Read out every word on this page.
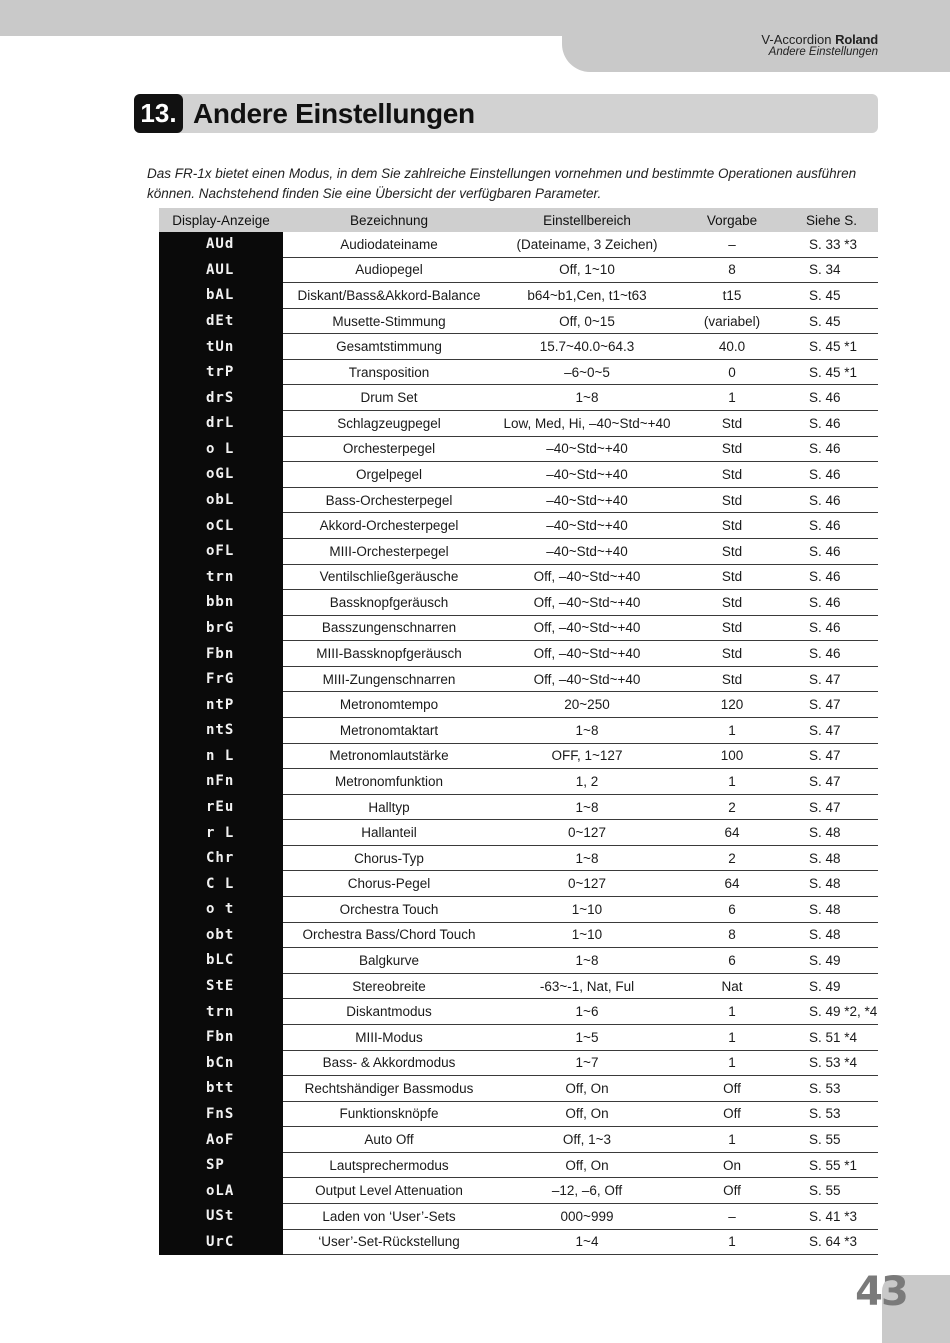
V-Accordion Roland
Andere Einstellungen
13. Andere Einstellungen
Das FR-1x bietet einen Modus, in dem Sie zahlreiche Einstellungen vornehmen und bestimmte Operationen ausführen können. Nachstehend finden Sie eine Übersicht der verfügbaren Parameter.
Display-Anzeige	Bezeichnung	Einstellbereich	Vorgabe	Siehe S.
AUd	Audiodateiname	(Dateiname, 3 Zeichen)	–	S. 33 *3
AUL	Audiopegel	Off, 1~10	8	S. 34
bAL	Diskant/Bass&Akkord-Balance	b64~b1,Cen, t1~t63	t15	S. 45
dEt	Musette-Stimmung	Off, 0~15	(variabel)	S. 45
tUn	Gesamtstimmung	15.7~40.0~64.3	40.0	S. 45 *1
trP	Transposition	–6~0~5	0	S. 45 *1
drS	Drum Set	1~8	1	S. 46
drL	Schlagzeugpegel	Low, Med, Hi, –40~Std~+40	Std	S. 46
o L	Orchesterpegel	–40~Std~+40	Std	S. 46
oGL	Orgelpegel	–40~Std~+40	Std	S. 46
obL	Bass-Orchesterpegel	–40~Std~+40	Std	S. 46
oCL	Akkord-Orchesterpegel	–40~Std~+40	Std	S. 46
oFL	MIII-Orchesterpegel	–40~Std~+40	Std	S. 46
trn	Ventilschließgeräusche	Off, –40~Std~+40	Std	S. 46
bbn	Bassknopfgeräusch	Off, –40~Std~+40	Std	S. 46
brG	Basszungenschnarren	Off, –40~Std~+40	Std	S. 46
Fbn	MIII-Bassknopfgeräusch	Off, –40~Std~+40	Std	S. 46
FrG	MIII-Zungenschnarren	Off, –40~Std~+40	Std	S. 47
ntP	Metronomtempo	20~250	120	S. 47
ntS	Metronomtaktart	1~8	1	S. 47
n L	Metronomlautstärke	OFF, 1~127	100	S. 47
nFn	Metronomfunktion	1, 2	1	S. 47
rEu	Halltyp	1~8	2	S. 47
r L	Hallanteil	0~127	64	S. 48
Chr	Chorus-Typ	1~8	2	S. 48
C L	Chorus-Pegel	0~127	64	S. 48
o t	Orchestra Touch	1~10	6	S. 48
obt	Orchestra Bass/Chord Touch	1~10	8	S. 48
bLC	Balgkurve	1~8	6	S. 49
StE	Stereobreite	-63~-1, Nat, Ful	Nat	S. 49
trn	Diskantmodus	1~6	1	S. 49 *2, *4
Fbn	MIII-Modus	1~5	1	S. 51 *4
bCn	Bass- & Akkordmodus	1~7	1	S. 53 *4
btt	Rechtshändiger Bassmodus	Off, On	Off	S. 53
FnS	Funktionsknöpfe	Off, On	Off	S. 53
AoF	Auto Off	Off, 1~3	1	S. 55
SP	Lautsprechermodus	Off, On	On	S. 55 *1
oLA	Output Level Attenuation	–12, –6, Off	Off	S. 55
USt	Laden von ‘User’-Sets	000~999	–	S. 41 *3
UrC	‘User’-Set-Rückstellung	1~4	1	S. 64 *3
43
